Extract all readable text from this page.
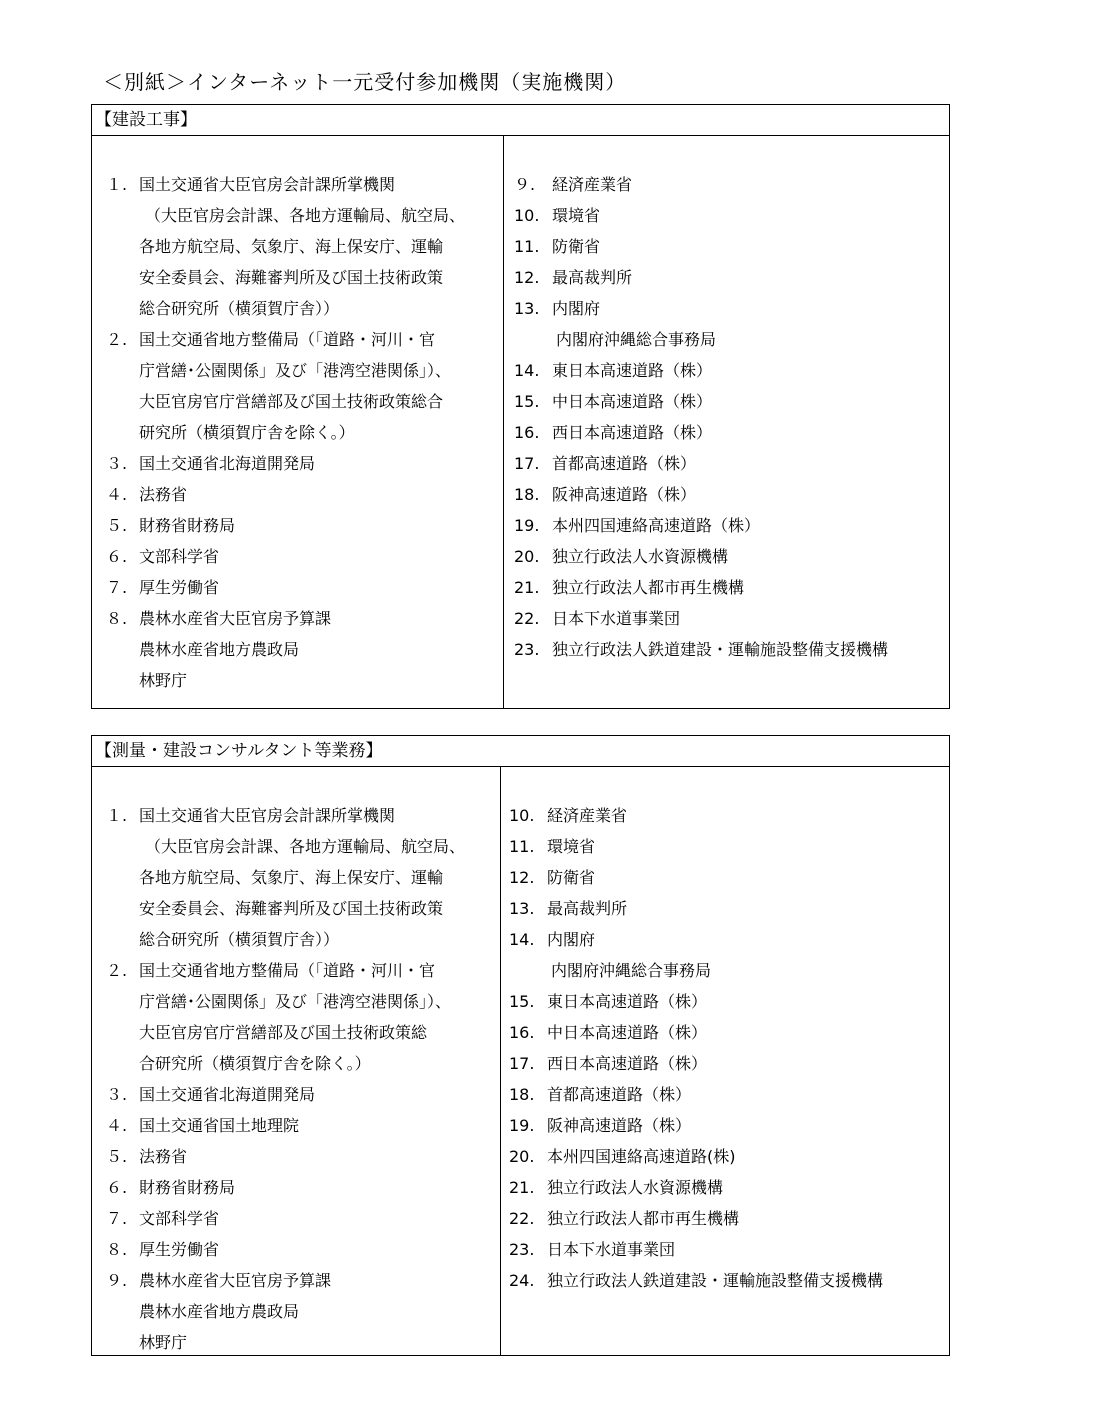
＜別紙＞インターネット一元受付参加機関（実施機関）
【建設工事】
１. 国土交通省大臣官房会計課所掌機関
（大臣官房会計課、各地方運輸局、航空局、
各地方航空局、気象庁、海上保安庁、運輸
安全委員会、海難審判所及び国土技術政策
総合研究所（横須賀庁舎））
２. 国土交通省地方整備局（「道路・河川・官
庁営繕･公園関係」及び「港湾空港関係」）、
大臣官房官庁営繕部及び国土技術政策総合
研究所（横須賀庁舎を除く。）
３. 国土交通省北海道開発局
４. 法務省
５. 財務省財務局
６. 文部科学省
７. 厚生労働省
８. 農林水産省大臣官房予算課
農林水産省地方農政局
林野庁
９.	経済産業省
10. 環境省
11. 防衛省
12. 最高裁判所
13. 内閣府
内閣府沖縄総合事務局
14. 東日本高速道路（株）
15. 中日本高速道路（株）
16. 西日本高速道路（株）
17. 首都高速道路（株）
18. 阪神高速道路（株）
19. 本州四国連絡高速道路（株）
20. 独立行政法人水資源機構
21. 独立行政法人都市再生機構
22. 日本下水道事業団
23. 独立行政法人鉄道建設・運輸施設整備支援機構
【測量・建設コンサルタント等業務】
１. 国土交通省大臣官房会計課所掌機関
（大臣官房会計課、各地方運輸局、航空局、
各地方航空局、気象庁、海上保安庁、運輸
安全委員会、海難審判所及び国土技術政策
総合研究所（横須賀庁舎））
２. 国土交通省地方整備局（「道路・河川・官
庁営繕･公園関係」及び「港湾空港関係」）、
大臣官房官庁営繕部及び国土技術政策総
合研究所（横須賀庁舎を除く。）
３. 国土交通省北海道開発局
４. 国土交通省国土地理院
５. 法務省
６. 財務省財務局
７. 文部科学省
８. 厚生労働省
９. 農林水産省大臣官房予算課
農林水産省地方農政局
林野庁
10. 経済産業省
11. 環境省
12. 防衛省
13. 最高裁判所
14. 内閣府
内閣府沖縄総合事務局
15. 東日本高速道路（株）
16. 中日本高速道路（株）
17. 西日本高速道路（株）
18. 首都高速道路（株）
19. 阪神高速道路（株）
20. 本州四国連絡高速道路(株)
21. 独立行政法人水資源機構
22. 独立行政法人都市再生機構
23. 日本下水道事業団
24. 独立行政法人鉄道建設・運輸施設整備支援機構
